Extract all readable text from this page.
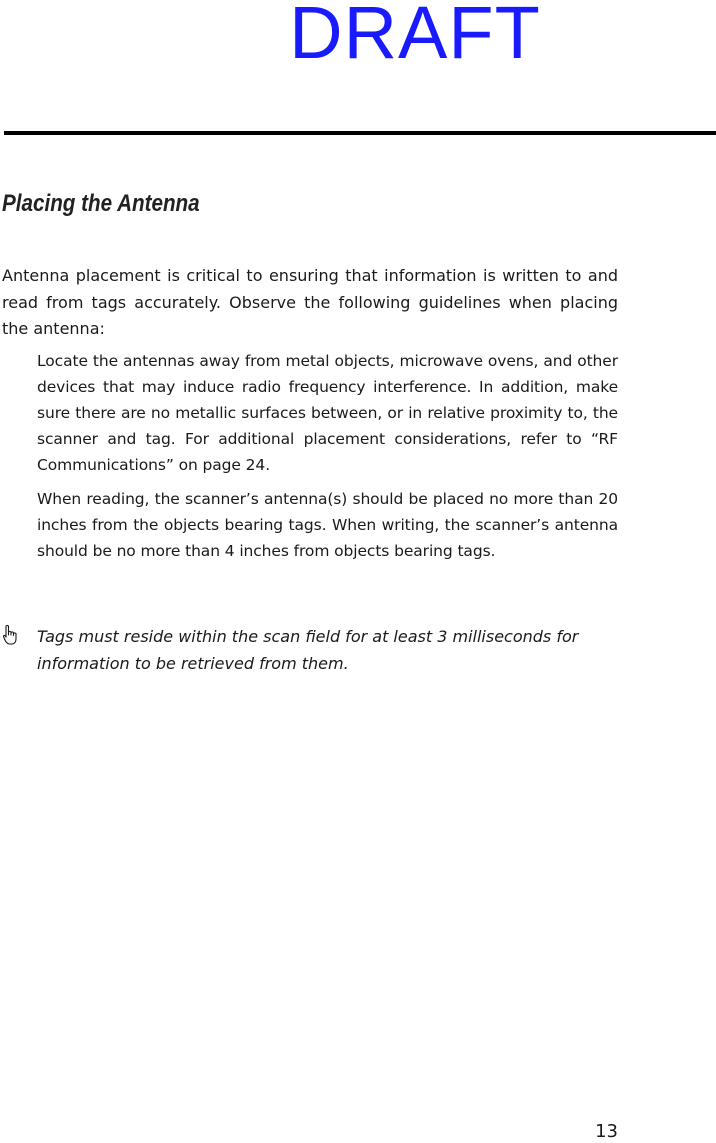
DRAFT
Placing the Antenna

Antenna placement is critical to ensuring that information is written to and read from tags accurately. Observe the following guidelines when placing the antenna:

Locate the antennas away from metal objects, microwave ovens, and other devices that may induce radio frequency interference. In addition, make sure there are no metallic surfaces between, or in relative proximity to, the scanner and tag. For additional placement considerations, refer to “RF Communications” on page 24.

When reading, the scanner’s antenna(s) should be placed no more than 20 inches from the objects bearing tags. When writing, the scanner’s antenna should be no more than 4 inches from objects bearing tags.

Tags must reside within the scan field for at least 3 milliseconds for information to be retrieved from them.

13
